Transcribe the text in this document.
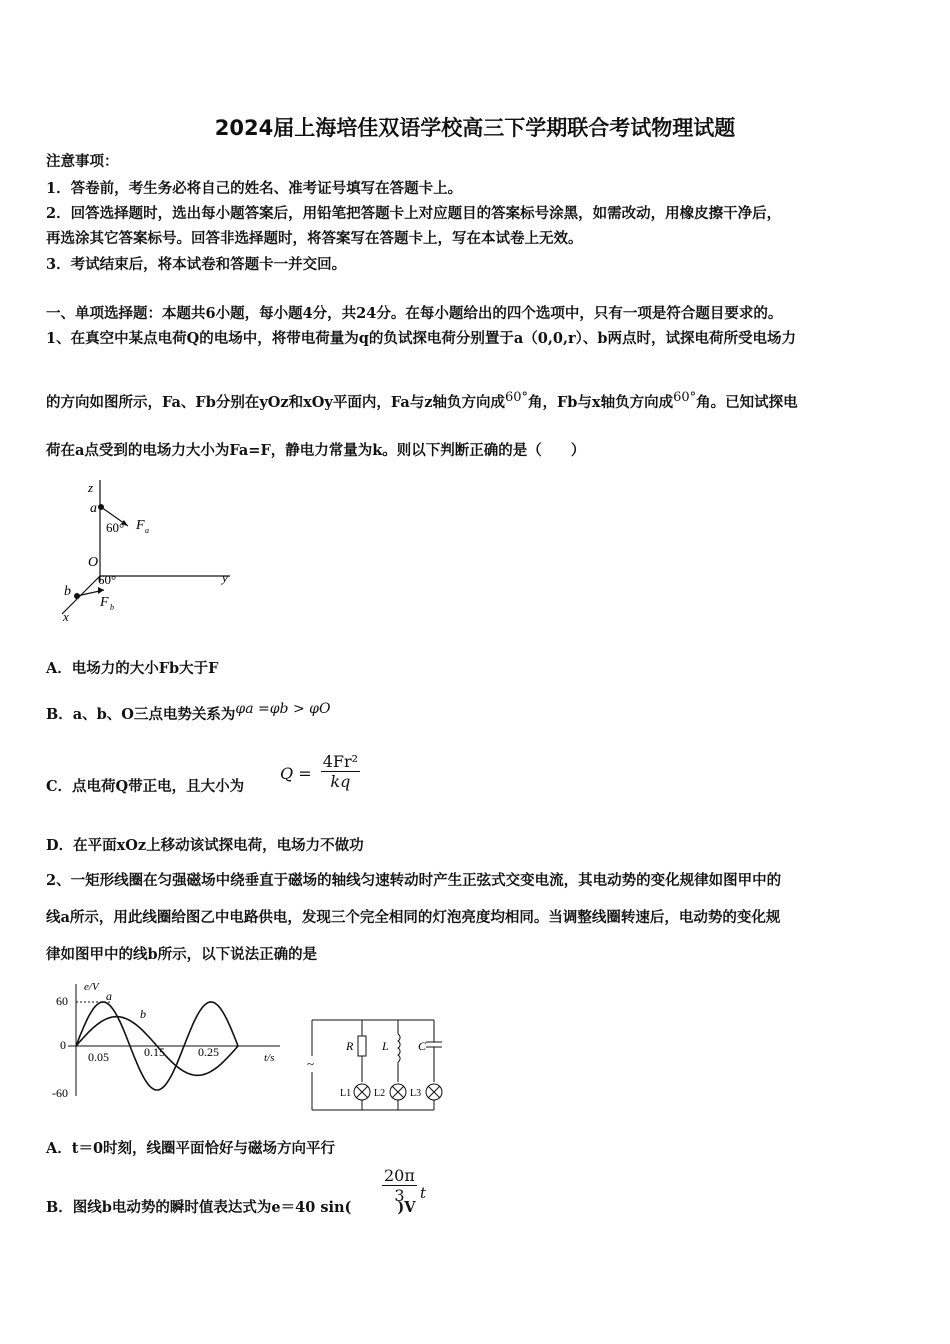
2024届上海培佳双语学校高三下学期联合考试物理试题
注意事项：
1．答卷前，考生务必将自己的姓名、准考证号填写在答题卡上。
2．回答选择题时，选出每小题答案后，用铅笔把答题卡上对应题目的答案标号涂黑，如需改动，用橡皮擦干净后，
再选涂其它答案标号。回答非选择题时，将答案写在答题卡上，写在本试卷上无效。
3．考试结束后，将本试卷和答题卡一并交回。
一、单项选择题：本题共6小题，每小题4分，共24分。在每小题给出的四个选项中，只有一项是符合题目要求的。
1、在真空中某点电荷Q的电场中，将带电荷量为q的负试探电荷分别置于a（0,0,r）、b两点时，试探电荷所受电场力
的方向如图所示，Fa、Fb分别在yOz和xOy平面内，Fa与z轴负方向成$^{60^\circ}$角，Fb与x轴负方向成$^{60^\circ}$角。已知试探电
荷在a点受到的电场力大小为Fa=F，静电力常量为k。则以下判断正确的是（　　）
z
a
60° F a
O
y
60°
b
F b
x
A．电场力的大小Fb大于F
B．a、b、O三点电势关系为φa =φb > φO
C．点电荷Q带正电，且大小为
$Q = \frac{\text{4Fr²}}{kq}$
D．在平面xOz上移动该试探电荷，电场力不做功
2、一矩形线圈在匀强磁场中绕垂直于磁场的轴线匀速转动时产生正弦式交变电流，其电动势的变化规律如图甲中的
线a所示，用此线圈给图乙中电路供电，发现三个完全相同的灯泡亮度均相同。当调整线圈转速后，电动势的变化规
律如图甲中的线b所示，以下说法正确的是
e/V
t/s
60
0
-60
0.05	0.15	0.25
a
b
~
R L C
L1 L2 L3
A．t＝0时刻，线圈平面恰好与磁场方向平行
B．图线b电动势的瞬时值表达式为e＝40 sin(	)V
$\frac{20\pi}{3}$ t
